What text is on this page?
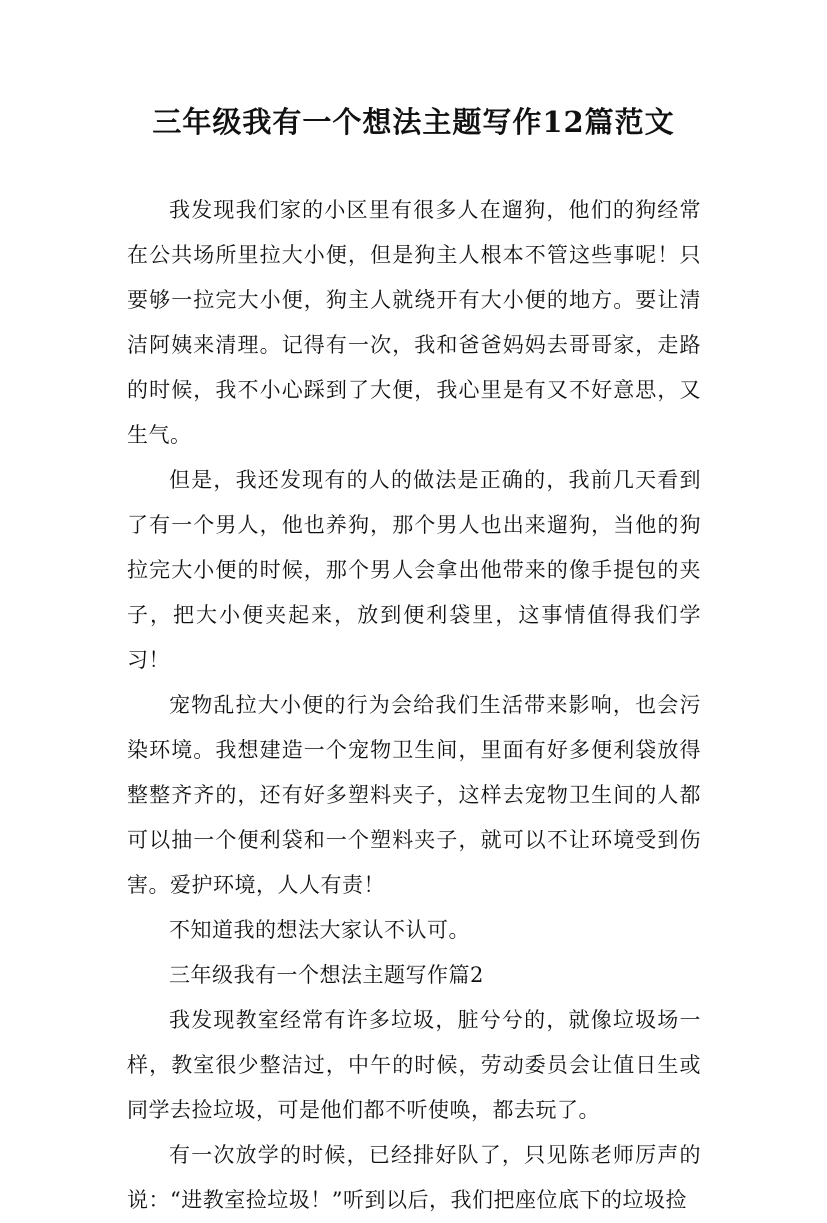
三年级我有一个想法主题写作12篇范文

我发现我们家的小区里有很多人在遛狗，他们的狗经常在公共场所里拉大小便，但是狗主人根本不管这些事呢！只要够一拉完大小便，狗主人就绕开有大小便的地方。要让清洁阿姨来清理。记得有一次，我和爸爸妈妈去哥哥家，走路的时候，我不小心踩到了大便，我心里是有又不好意思，又生气。

但是，我还发现有的人的做法是正确的，我前几天看到了有一个男人，他也养狗，那个男人也出来遛狗，当他的狗拉完大小便的时候，那个男人会拿出他带来的像手提包的夹子，把大小便夹起来，放到便利袋里，这事情值得我们学习！

宠物乱拉大小便的行为会给我们生活带来影响，也会污染环境。我想建造一个宠物卫生间，里面有好多便利袋放得整整齐齐的，还有好多塑料夹子，这样去宠物卫生间的人都可以抽一个便利袋和一个塑料夹子，就可以不让环境受到伤害。爱护环境，人人有责！

不知道我的想法大家认不认可。

三年级我有一个想法主题写作篇2

我发现教室经常有许多垃圾，脏兮兮的，就像垃圾场一样，教室很少整洁过，中午的时候，劳动委员会让值日生或同学去捡垃圾，可是他们都不听使唤，都去玩了。

有一次放学的时候，已经排好队了，只见陈老师厉声的说：“进教室捡垃圾！”听到以后，我们把座位底下的垃圾捡
